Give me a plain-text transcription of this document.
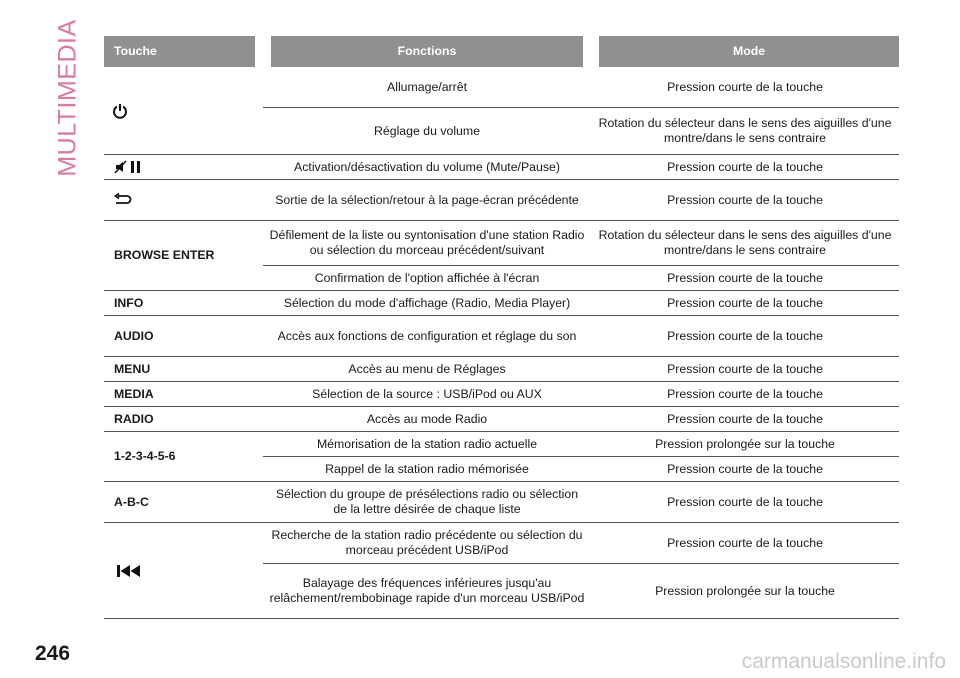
MULTIMEDIA	Touche	Fonctions	Mode
	Allumage/arrêt	Pression courte de la touche
	Réglage du volume	Rotation du sélecteur dans le sens des aiguilles d'une montre/dans le sens contraire
	Activation/désactivation du volume (Mute/Pause)	Pression courte de la touche
	Sortie de la sélection/retour à la page-écran précédente	Pression courte de la touche
BROWSE ENTER	Défilement de la liste ou syntonisation d'une station Radio ou sélection du morceau précédent/suivant	Rotation du sélecteur dans le sens des aiguilles d'une montre/dans le sens contraire
	Confirmation de l'option affichée à l'écran	Pression courte de la touche
INFO	Sélection du mode d'affichage (Radio, Media Player)	Pression courte de la touche
AUDIO	Accès aux fonctions de configuration et réglage du son	Pression courte de la touche
MENU	Accès au menu de Réglages	Pression courte de la touche
MEDIA	Sélection de la source : USB/iPod ou AUX	Pression courte de la touche
RADIO	Accès au mode Radio	Pression courte de la touche
1-2-3-4-5-6	Mémorisation de la station radio actuelle	Pression prolongée sur la touche
	Rappel de la station radio mémorisée	Pression courte de la touche
A-B-C	Sélection du groupe de présélections radio ou sélection de la lettre désirée de chaque liste	Pression courte de la touche
	Recherche de la station radio précédente ou sélection du morceau précédent USB/iPod	Pression courte de la touche
	Balayage des fréquences inférieures jusqu'au relâchement/rembobinage rapide d'un morceau USB/iPod	Pression prolongée sur la touche
246	carmanualsonline.info
